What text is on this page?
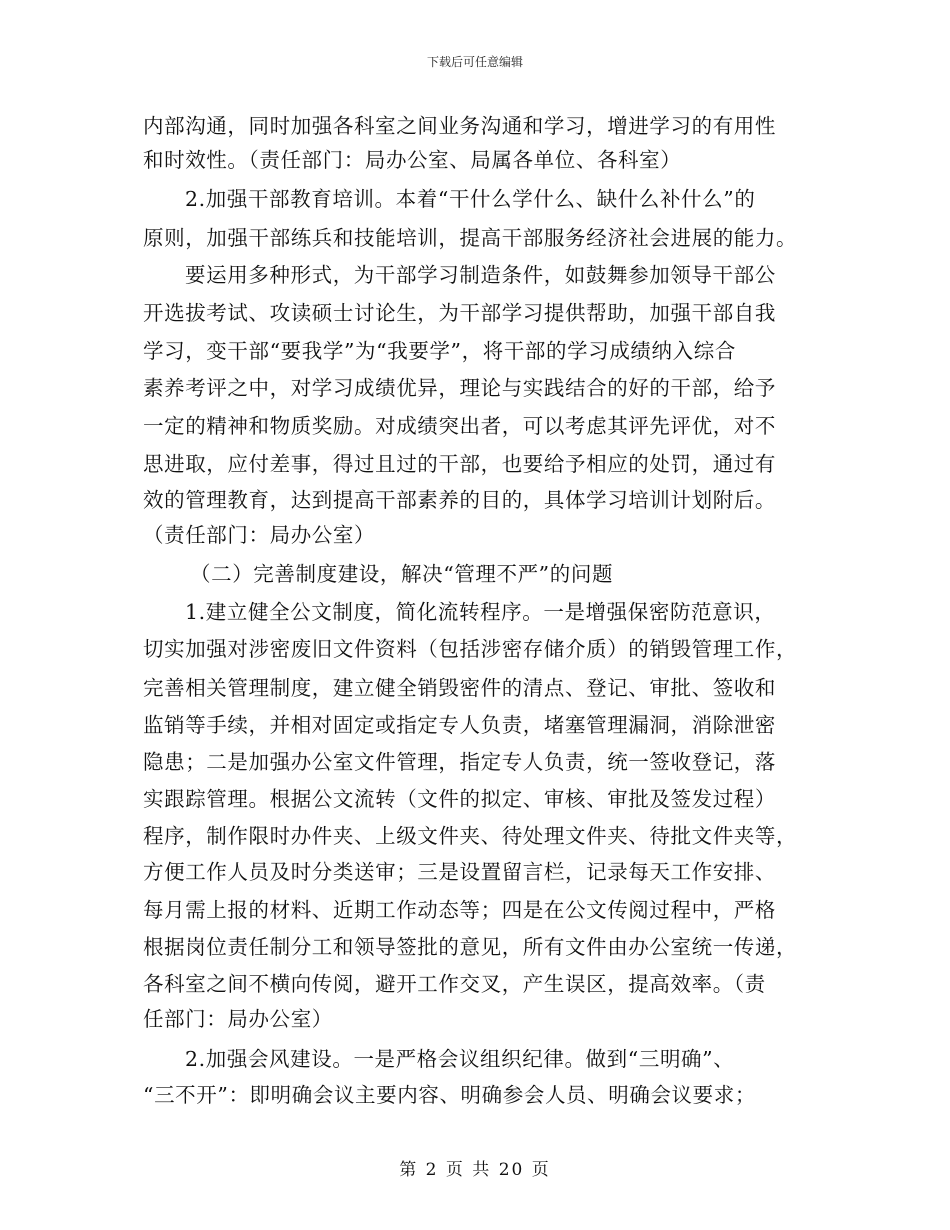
下载后可任意编辑
内部沟通，同时加强各科室之间业务沟通和学习，增进学习的有用性
和时效性。（责任部门：局办公室、局属各单位、各科室）
2.加强干部教育培训。本着“干什么学什么、缺什么补什么”的
原则，加强干部练兵和技能培训，提高干部服务经济社会进展的能力。
要运用多种形式，为干部学习制造条件，如鼓舞参加领导干部公
开选拔考试、攻读硕士讨论生，为干部学习提供帮助，加强干部自我
学习，变干部“要我学”为“我要学”，将干部的学习成绩纳入综合
素养考评之中，对学习成绩优异，理论与实践结合的好的干部，给予
一定的精神和物质奖励。对成绩突出者，可以考虑其评先评优，对不
思进取，应付差事，得过且过的干部，也要给予相应的处罚，通过有
效的管理教育，达到提高干部素养的目的，具体学习培训计划附后。
（责任部门：局办公室）
（二）完善制度建设，解决“管理不严”的问题
1.建立健全公文制度，简化流转程序。一是增强保密防范意识，
切实加强对涉密废旧文件资料（包括涉密存储介质）的销毁管理工作，
完善相关管理制度，建立健全销毁密件的清点、登记、审批、签收和
监销等手续，并相对固定或指定专人负责，堵塞管理漏洞，消除泄密
隐患；二是加强办公室文件管理，指定专人负责，统一签收登记，落
实跟踪管理。根据公文流转（文件的拟定、审核、审批及签发过程）
程序，制作限时办件夹、上级文件夹、待处理文件夹、待批文件夹等，
方便工作人员及时分类送审；三是设置留言栏，记录每天工作安排、
每月需上报的材料、近期工作动态等；四是在公文传阅过程中，严格
根据岗位责任制分工和领导签批的意见，所有文件由办公室统一传递，
各科室之间不横向传阅，避开工作交叉，产生误区，提高效率。（责
任部门：局办公室）
2.加强会风建设。一是严格会议组织纪律。做到“三明确”、
“三不开”：即明确会议主要内容、明确参会人员、明确会议要求；
第 2 页 共 20 页
